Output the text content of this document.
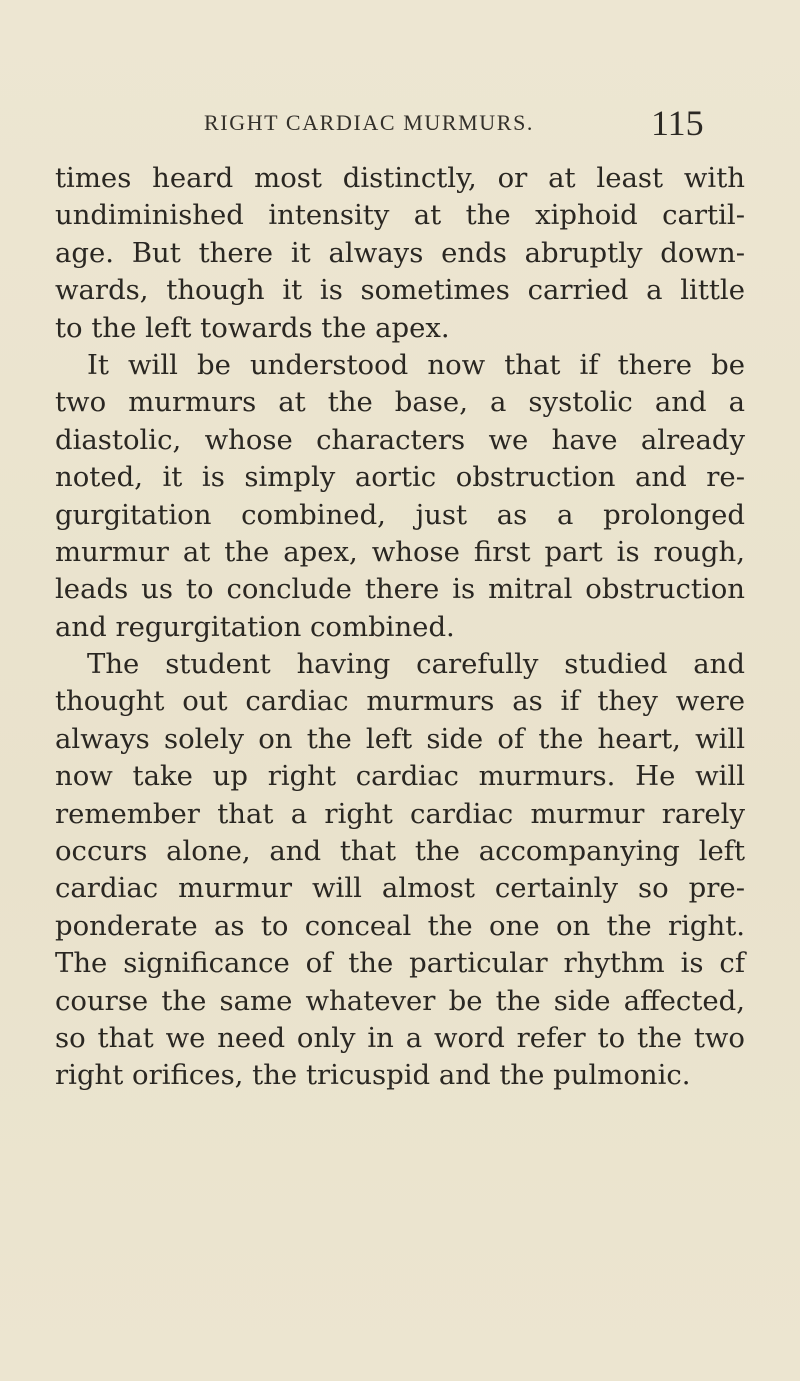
RIGHT CARDIAC MURMURS.	115
times heard most distinctly, or at least with
undiminished intensity at the xiphoid cartil-
age. But there it always ends abruptly down-
wards, though it is sometimes carried a little
to the left towards the apex.
It will be understood now that if there be
two murmurs at the base, a systolic and a
diastolic, whose characters we have already
noted, it is simply aortic obstruction and re-
gurgitation combined, just as a prolonged
murmur at the apex, whose first part is rough,
leads us to conclude there is mitral obstruction
and regurgitation combined.
The student having carefully studied and
thought out cardiac murmurs as if they were
always solely on the left side of the heart, will
now take up right cardiac murmurs. He will
remember that a right cardiac murmur rarely
occurs alone, and that the accompanying left
cardiac murmur will almost certainly so pre-
ponderate as to conceal the one on the right.
The significance of the particular rhythm is cf
course the same whatever be the side affected,
so that we need only in a word refer to the two
right orifices, the tricuspid and the pulmonic.
